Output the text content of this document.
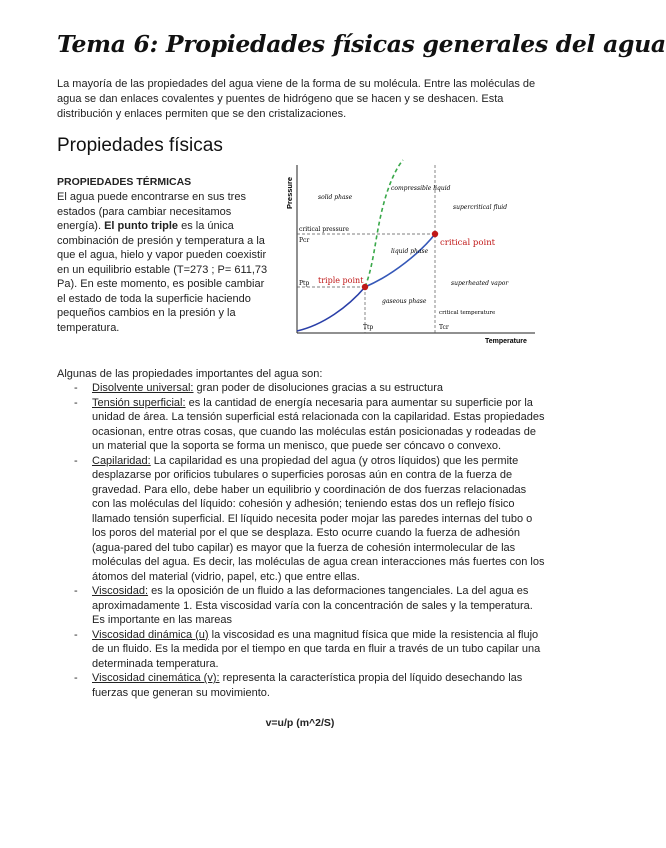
Tema 6: Propiedades físicas generales del agua
La mayoría de las propiedades del agua viene de la forma de su molécula. Entre las moléculas de agua se dan enlaces covalentes y puentes de hidrógeno que se hacen y se deshacen. Esta distribución y enlaces permiten que se den cristalizaciones.
Propiedades físicas
PROPIEDADES TÉRMICAS
El agua puede encontrarse en sus tres estados (para cambiar necesitamos energía). El punto triple es la única combinación de presión y temperatura a la que el agua, hielo y vapor pueden coexistir en un equilibrio estable (T=273 ; P= 611,73 Pa). En este momento, es posible cambiar el estado de toda la superficie haciendo pequeños cambios en la presión y la temperatura.
Pressure
Temperature
solid phase
compressible liquid
supercritical fluid
critical pressure
Pcr
liquid phase
critical point
Ptp triple point	superheated vapor
gaseous phase
critical temperature
Tcr
Ttp
Algunas de las propiedades importantes del agua son:
- Disolvente universal: gran poder de disoluciones gracias a su estructura
- Tensión superficial: es la cantidad de energía necesaria para aumentar su superficie por la unidad de área. La tensión superficial está relacionada con la capilaridad. Estas propiedades ocasionan, entre otras cosas, que cuando las moléculas están posicionadas y rodeadas de un material que la soporta se forma un menisco, que puede ser cóncavo o convexo.
- Capilaridad: La capilaridad es una propiedad del agua (y otros líquidos) que les permite desplazarse por orificios tubulares o superficies porosas aún en contra de la fuerza de gravedad. Para ello, debe haber un equilibrio y coordinación de dos fuerzas relacionadas con las moléculas del líquido: cohesión y adhesión; teniendo estas dos un reflejo físico llamado tensión superficial. El líquido necesita poder mojar las paredes internas del tubo o los poros del material por el que se desplaza. Esto ocurre cuando la fuerza de adhesión (agua-pared del tubo capilar) es mayor que la fuerza de cohesión intermolecular de las moléculas del agua. Es decir, las moléculas de agua crean interacciones más fuertes con los átomos del material (vidrio, papel, etc.) que entre ellas.
- Viscosidad: es la oposición de un fluido a las deformaciones tangenciales. La del agua es aproximadamente 1. Esta viscosidad varía con la concentración de sales y la temperatura. Es importante en las mareas
- Viscosidad dinámica (u) la viscosidad es una magnitud física que mide la resistencia al flujo de un fluido. Es la medida por el tiempo en que tarda en fluir a través de un tubo capilar una determinada temperatura.
- Viscosidad cinemática (v): representa la característica propia del líquido desechando las fuerzas que generan su movimiento.
v=u/p (m^2/S)
